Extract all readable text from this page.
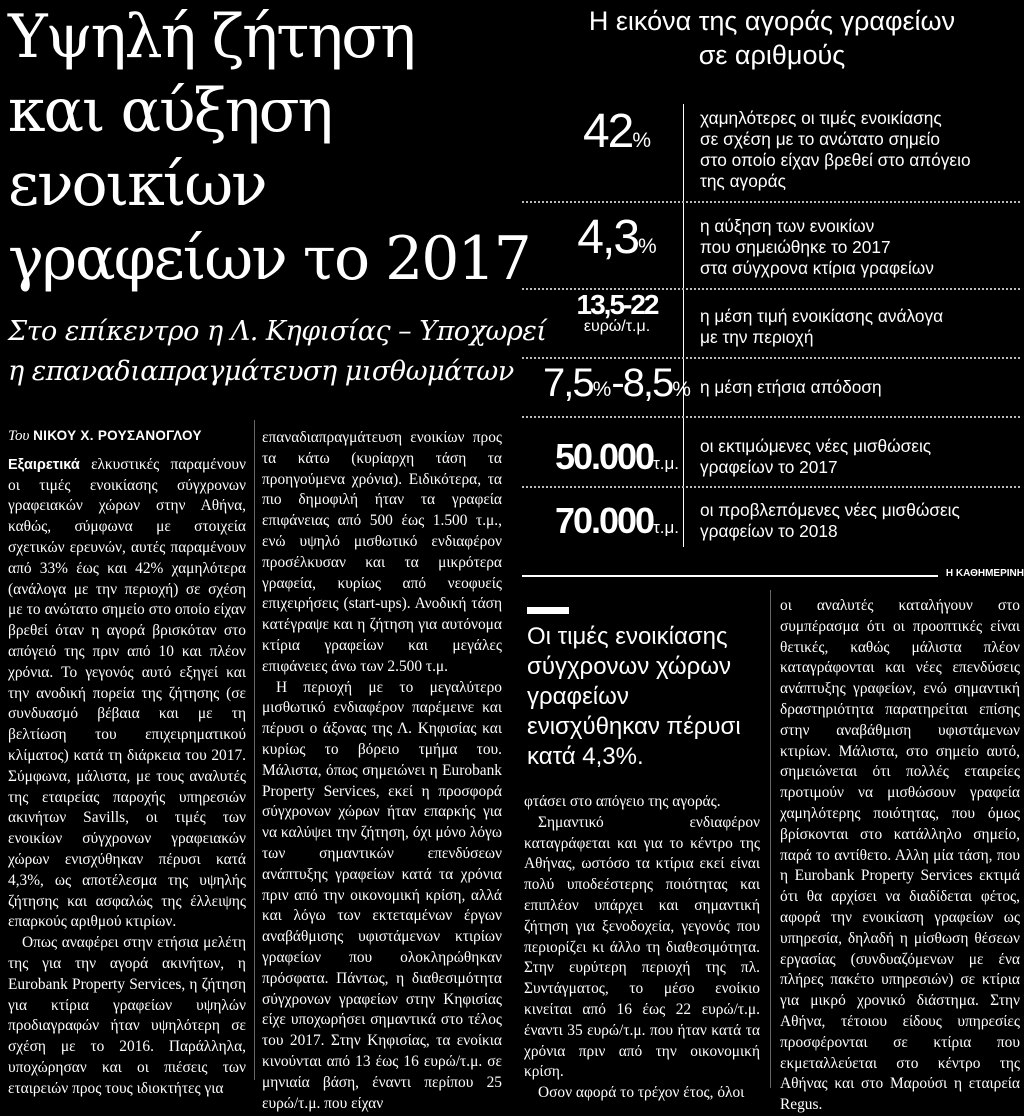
Υψηλή ζήτηση
και αύξηση
ενοικίων
γραφείων το 2017
Στο επίκεντρο η Λ. Κηφισίας – Υποχωρεί
η επαναδιαπραγμάτευση μισθωμάτων

Του ΝΙΚΟΥ Χ. ΡΟΥΣΑΝΟΓΛΟΥ

Εξαιρετικά ελκυστικές παραμένουν οι τιμές ενοικίασης σύγχρονων γραφειακών χώρων στην Αθήνα, καθώς, σύμφωνα με στοιχεία σχετικών ερευνών, αυτές παραμένουν από 33% έως και 42% χαμηλότερα (ανάλογα με την περιοχή) σε σχέση με το ανώτατο σημείο στο οποίο είχαν βρεθεί όταν η αγορά βρισκόταν στο απόγειό της πριν από 10 και πλέον χρόνια. Το γεγονός αυτό εξηγεί και την ανοδική πορεία της ζήτησης (σε συνδυασμό βέβαια και με τη βελτίωση του επιχειρηματικού κλίματος) κατά τη διάρκεια του 2017. Σύμφωνα, μάλιστα, με τους αναλυτές της εταιρείας παροχής υπηρεσιών ακινήτων Savills, οι τιμές των ενοικίων σύγχρονων γραφειακών χώρων ενισχύθηκαν πέρυσι κατά 4,3%, ως αποτέλεσμα της υψηλής ζήτησης και ασφαλώς της έλλειψης επαρκούς αριθμού κτιρίων.

Οπως αναφέρει στην ετήσια μελέτη της για την αγορά ακινήτων, η Eurobank Property Services, η ζήτηση για κτίρια γραφείων υψηλών προδιαγραφών ήταν υψηλότερη σε σχέση με το 2016. Παράλληλα, υποχώρησαν και οι πιέσεις των εταιρειών προς τους ιδιοκτήτες για

επαναδιαπραγμάτευση ενοικίων προς τα κάτω (κυρίαρχη τάση τα προηγούμενα χρόνια). Ειδικότερα, τα πιο δημοφιλή ήταν τα γραφεία επιφάνειας από 500 έως 1.500 τ.μ., ενώ υψηλό μισθωτικό ενδιαφέρον προσέλκυσαν και τα μικρότερα γραφεία, κυρίως από νεοφυείς επιχειρήσεις (start-ups). Ανοδική τάση κατέγραψε και η ζήτηση για αυτόνομα κτίρια γραφείων και μεγάλες επιφάνειες άνω των 2.500 τ.μ.

Η περιοχή με το μεγαλύτερο μισθωτικό ενδιαφέρον παρέμεινε και πέρυσι ο άξονας της Λ. Κηφισίας και κυρίως το βόρειο τμήμα του. Μάλιστα, όπως σημειώνει η Eurobank Property Services, εκεί η προσφορά σύγχρονων χώρων ήταν επαρκής για να καλύψει την ζήτηση, όχι μόνο λόγω των σημαντικών επενδύσεων ανάπτυξης γραφείων κατά τα χρόνια πριν από την οικονομική κρίση, αλλά και λόγω των εκτεταμένων έργων αναβάθμισης υφιστάμενων κτιρίων γραφείων που ολοκληρώθηκαν πρόσφατα. Πάντως, η διαθεσιμότητα σύγχρονων γραφείων στην Κηφισίας είχε υποχωρήσει σημαντικά στο τέλος του 2017. Στην Κηφισίας, τα ενοίκια κινούνται από 13 έως 16 ευρώ/τ.μ. σε μηνιαία βάση, έναντι περίπου 25 ευρώ/τ.μ. που είχαν

Η εικόνα της αγοράς γραφείων
σε αριθμούς
42%
χαμηλότερες οι τιμές ενοικίασης
σε σχέση με το ανώτατο σημείο
στο οποίο είχαν βρεθεί στο απόγειο
της αγοράς
4,3%
η αύξηση των ενοικίων
που σημειώθηκε το 2017
στα σύγχρονα κτίρια γραφείων
13,5-22
ευρώ/τ.μ.
η μέση τιμή ενοικίασης ανάλογα
με την περιοχή
7,5%-8,5% η μέση ετήσια απόδοση
50.000τ.μ.
οι εκτιμώμενες νέες μισθώσεις
γραφείων το 2017
70.000τ.μ.
οι προβλεπόμενες νέες μισθώσεις
γραφείων το 2018
Η ΚΑΘΗΜΕΡΙΝΗ
Οι τιμές ενοικίασης
σύγχρονων χώρων
γραφείων
ενισχύθηκαν πέρυσι
κατά 4,3%.

φτάσει στο απόγειο της αγοράς.

Σημαντικό ενδιαφέρον καταγράφεται και για το κέντρο της Αθήνας, ωστόσο τα κτίρια εκεί είναι πολύ υποδεέστερης ποιότητας και επιπλέον υπάρχει και σημαντική ζήτηση για ξενοδοχεία, γεγονός που περιορίζει κι άλλο τη διαθεσιμότητα. Στην ευρύτερη περιοχή της πλ. Συντάγματος, το μέσο ενοίκιο κινείται από 16 έως 22 ευρώ/τ.μ. έναντι 35 ευρώ/τ.μ. που ήταν κατά τα χρόνια πριν από την οικονομική κρίση.

Οσον αφορά το τρέχον έτος, όλοι

οι αναλυτές καταλήγουν στο συμπέρασμα ότι οι προοπτικές είναι θετικές, καθώς μάλιστα πλέον καταγράφονται και νέες επενδύσεις ανάπτυξης γραφείων, ενώ σημαντική δραστηριότητα παρατηρείται επίσης στην αναβάθμιση υφιστάμενων κτιρίων. Μάλιστα, στο σημείο αυτό, σημειώνεται ότι πολλές εταιρείες προτιμούν να μισθώσουν γραφεία χαμηλότερης ποιότητας, που όμως βρίσκονται στο κατάλληλο σημείο, παρά το αντίθετο. Αλλη μία τάση, που η Eurobank Property Services εκτιμά ότι θα αρχίσει να διαδίδεται φέτος, αφορά την ενοικίαση γραφείων ως υπηρεσία, δηλαδή η μίσθωση θέσεων εργασίας (συνδυαζόμενων με ένα πλήρες πακέτο υπηρεσιών) σε κτίρια για μικρό χρονικό διάστημα. Στην Αθήνα, τέτοιου είδους υπηρεσίες προσφέρονται σε κτίρια που εκμεταλλεύεται στο κέντρο της Αθήνας και στο Μαρούσι η εταιρεία Regus.
